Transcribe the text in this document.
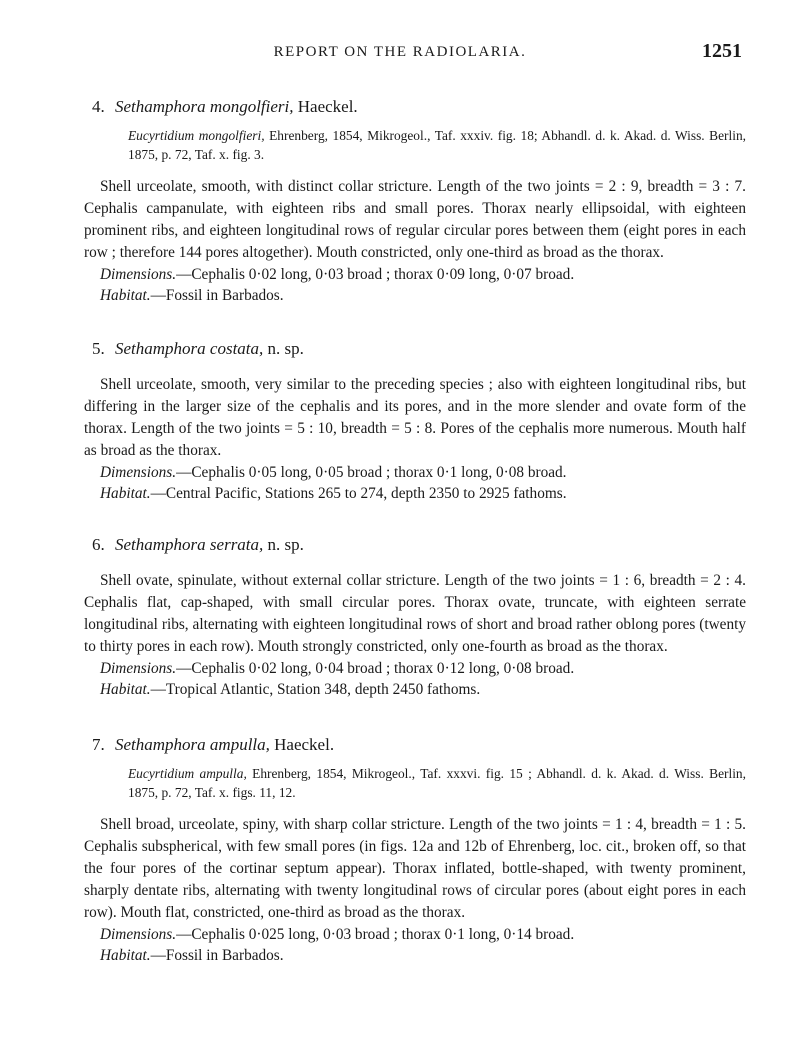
REPORT ON THE RADIOLARIA.	1251

4. Sethamphora mongolfieri, Haeckel.

Eucyrtidium mongolfieri, Ehrenberg, 1854, Mikrogeol., Taf. xxxiv. fig. 18; Abhandl. d. k. Akad. d. Wiss. Berlin, 1875, p. 72, Taf. x. fig. 3.

Shell urceolate, smooth, with distinct collar stricture. Length of the two joints = 2 : 9, breadth = 3 : 7. Cephalis campanulate, with eighteen ribs and small pores. Thorax nearly ellipsoidal, with eighteen prominent ribs, and eighteen longitudinal rows of regular circular pores between them (eight pores in each row ; therefore 144 pores altogether). Mouth constricted, only one-third as broad as the thorax.

Dimensions.—Cephalis 0·02 long, 0·03 broad ; thorax 0·09 long, 0·07 broad.

Habitat.—Fossil in Barbados.

5. Sethamphora costata, n. sp.

Shell urceolate, smooth, very similar to the preceding species ; also with eighteen longitudinal ribs, but differing in the larger size of the cephalis and its pores, and in the more slender and ovate form of the thorax. Length of the two joints = 5 : 10, breadth = 5 : 8. Pores of the cephalis more numerous. Mouth half as broad as the thorax.

Dimensions.—Cephalis 0·05 long, 0·05 broad ; thorax 0·1 long, 0·08 broad.

Habitat.—Central Pacific, Stations 265 to 274, depth 2350 to 2925 fathoms.

6. Sethamphora serrata, n. sp.

Shell ovate, spinulate, without external collar stricture. Length of the two joints = 1 : 6, breadth = 2 : 4. Cephalis flat, cap-shaped, with small circular pores. Thorax ovate, truncate, with eighteen serrate longitudinal ribs, alternating with eighteen longitudinal rows of short and broad rather oblong pores (twenty to thirty pores in each row). Mouth strongly constricted, only one-fourth as broad as the thorax.

Dimensions.—Cephalis 0·02 long, 0·04 broad ; thorax 0·12 long, 0·08 broad.

Habitat.—Tropical Atlantic, Station 348, depth 2450 fathoms.

7. Sethamphora ampulla, Haeckel.

Eucyrtidium ampulla, Ehrenberg, 1854, Mikrogeol., Taf. xxxvi. fig. 15 ; Abhandl. d. k. Akad. d. Wiss. Berlin, 1875, p. 72, Taf. x. figs. 11, 12.

Shell broad, urceolate, spiny, with sharp collar stricture. Length of the two joints = 1 : 4, breadth = 1 : 5. Cephalis subspherical, with few small pores (in figs. 12a and 12b of Ehrenberg, loc. cit., broken off, so that the four pores of the cortinar septum appear). Thorax inflated, bottle-shaped, with twenty prominent, sharply dentate ribs, alternating with twenty longitudinal rows of circular pores (about eight pores in each row). Mouth flat, constricted, one-third as broad as the thorax.

Dimensions.—Cephalis 0·025 long, 0·03 broad ; thorax 0·1 long, 0·14 broad.

Habitat.—Fossil in Barbados.
